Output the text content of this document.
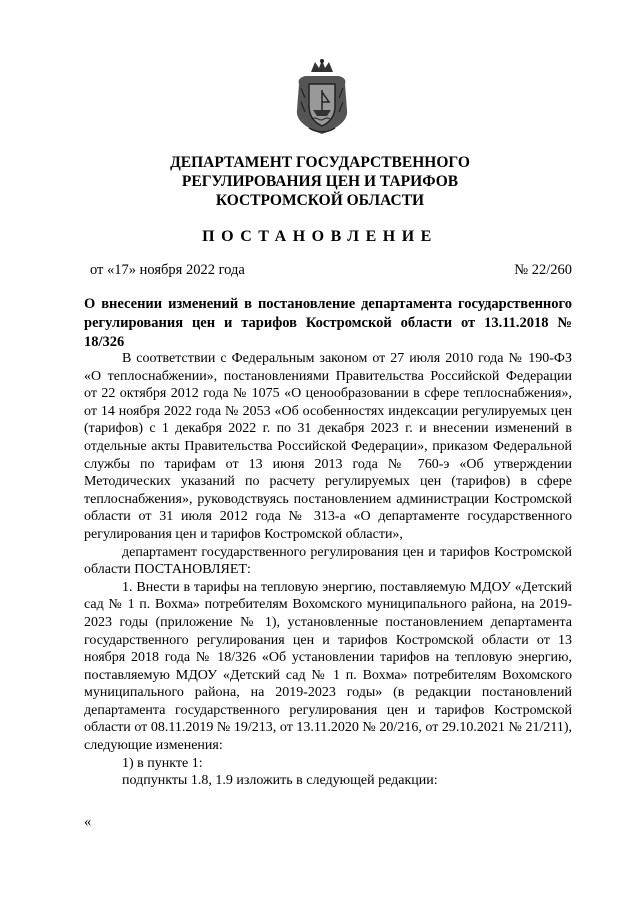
ДЕПАРТАМЕНТ ГОСУДАРСТВЕННОГО
РЕГУЛИРОВАНИЯ ЦЕН И ТАРИФОВ
КОСТРОМСКОЙ ОБЛАСТИ
ПОСТАНОВЛЕНИЕ
от «17» ноября 2022 года	№ 22/260
О внесении изменений в постановление департамента государственного регулирования цен и тарифов Костромской области от 13.11.2018 № 18/326

В соответствии с Федеральным законом от 27 июля 2010 года № 190-ФЗ «О теплоснабжении», постановлениями Правительства Российской Федерации от 22 октября 2012 года № 1075 «О ценообразовании в сфере теплоснабжения», от 14 ноября 2022 года № 2053 «Об особенностях индексации регулируемых цен (тарифов) с 1 декабря 2022 г. по 31 декабря 2023 г. и внесении изменений в отдельные акты Правительства Российской Федерации», приказом Федеральной службы по тарифам от 13 июня 2013 года № 760-э «Об утверждении Методических указаний по расчету регулируемых цен (тарифов) в сфере теплоснабжения», руководствуясь постановлением администрации Костромской области от 31 июля 2012 года № 313-а «О департаменте государственного регулирования цен и тарифов Костромской области»,

департамент государственного регулирования цен и тарифов Костромской области ПОСТАНОВЛЯЕТ:

1. Внести в тарифы на тепловую энергию, поставляемую МДОУ «Детский сад № 1 п. Вохма» потребителям Вохомского муниципального района, на 2019-2023 годы (приложение № 1), установленные постановлением департамента государственного регулирования цен и тарифов Костромской области от 13 ноября 2018 года № 18/326 «Об установлении тарифов на тепловую энергию, поставляемую МДОУ «Детский сад № 1 п. Вохма» потребителям Вохомского муниципального района, на 2019-2023 годы» (в редакции постановлений департамента государственного регулирования цен и тарифов Костромской области от 08.11.2019 № 19/213, от 13.11.2020 № 20/216, от 29.10.2021 № 21/211), следующие изменения:

1) в пункте 1:

подпункты 1.8, 1.9 изложить в следующей редакции:

«
